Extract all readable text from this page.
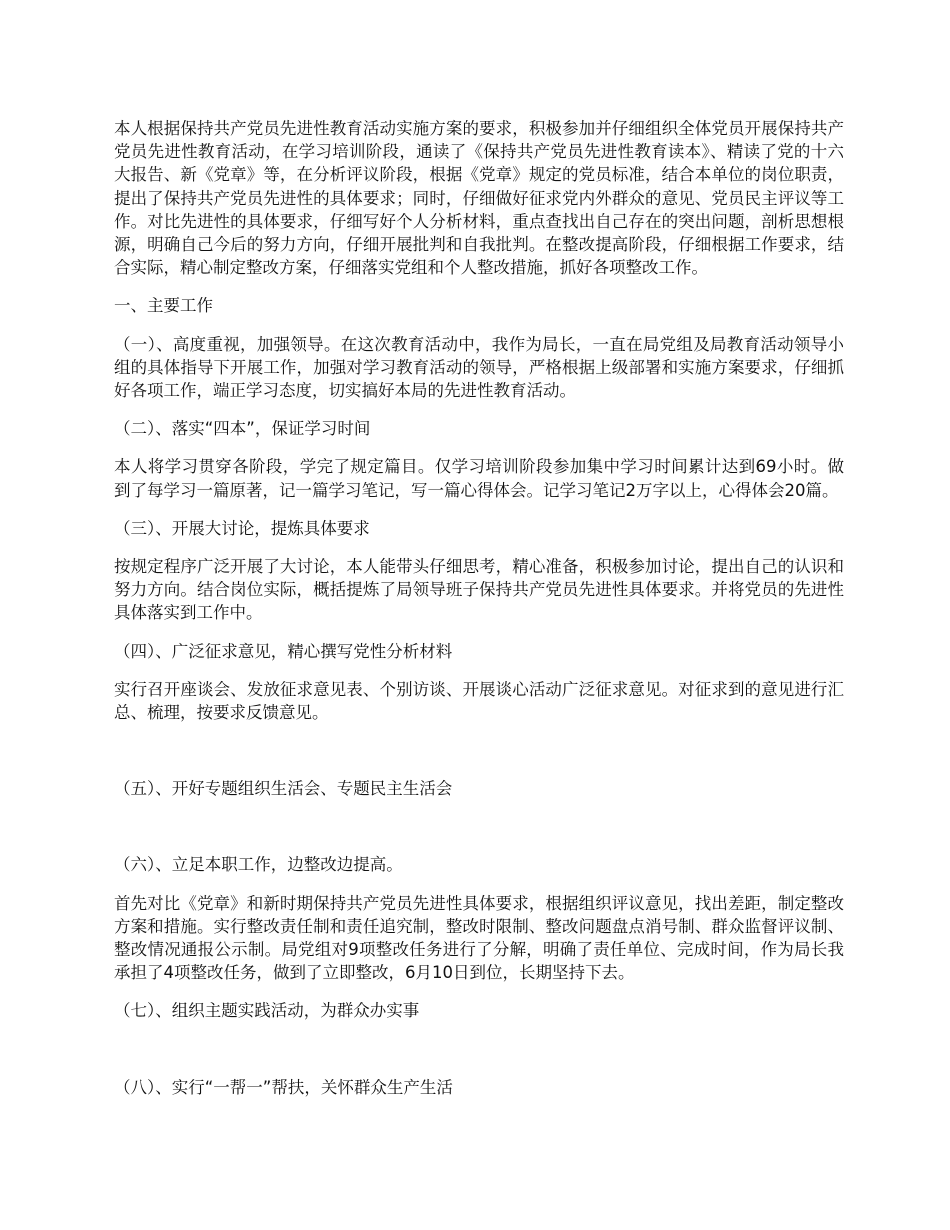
本人根据保持共产党员先进性教育活动实施方案的要求，积极参加并仔细组织全体党员开展保持共产党员先进性教育活动，在学习培训阶段，通读了《保持共产党员先进性教育读本》、精读了党的十六大报告、新《党章》等，在分析评议阶段，根据《党章》规定的党员标准，结合本单位的岗位职责，提出了保持共产党员先进性的具体要求；同时，仔细做好征求党内外群众的意见、党员民主评议等工作。对比先进性的具体要求，仔细写好个人分析材料，重点查找出自己存在的突出问题，剖析思想根源，明确自己今后的努力方向，仔细开展批判和自我批判。在整改提高阶段，仔细根据工作要求，结合实际，精心制定整改方案，仔细落实党组和个人整改措施，抓好各项整改工作。

一、主要工作

（一）、高度重视，加强领导。在这次教育活动中，我作为局长，一直在局党组及局教育活动领导小组的具体指导下开展工作，加强对学习教育活动的领导，严格根据上级部署和实施方案要求，仔细抓好各项工作，端正学习态度，切实搞好本局的先进性教育活动。

（二）、落实“四本”，保证学习时间

本人将学习贯穿各阶段，学完了规定篇目。仅学习培训阶段参加集中学习时间累计达到69小时。做到了每学习一篇原著，记一篇学习笔记，写一篇心得体会。记学习笔记2万字以上，心得体会20篇。

（三）、开展大讨论，提炼具体要求

按规定程序广泛开展了大讨论，本人能带头仔细思考，精心准备，积极参加讨论，提出自己的认识和努力方向。结合岗位实际，概括提炼了局领导班子保持共产党员先进性具体要求。并将党员的先进性具体落实到工作中。

（四）、广泛征求意见，精心撰写党性分析材料

实行召开座谈会、发放征求意见表、个别访谈、开展谈心活动广泛征求意见。对征求到的意见进行汇总、梳理，按要求反馈意见。

（五）、开好专题组织生活会、专题民主生活会

（六）、立足本职工作，边整改边提高。

首先对比《党章》和新时期保持共产党员先进性具体要求，根据组织评议意见，找出差距，制定整改方案和措施。实行整改责任制和责任追究制，整改时限制、整改问题盘点消号制、群众监督评议制、整改情况通报公示制。局党组对9项整改任务进行了分解，明确了责任单位、完成时间，作为局长我承担了4项整改任务，做到了立即整改，6月10日到位，长期坚持下去。

（七）、组织主题实践活动，为群众办实事

（八）、实行“一帮一”帮扶，关怀群众生产生活
